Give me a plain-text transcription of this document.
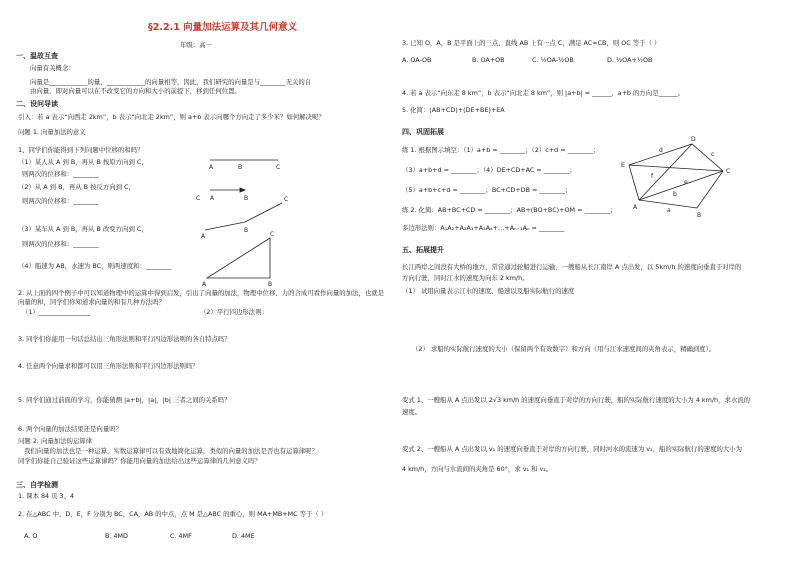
§2.2.1 向量加法运算及其几何意义
年级：高一
一、温故互查
向量有关概念：
向量是____________的量，____________的向量相等，因此，我们研究的向量是与________无关的自
由向量，即对向量可以在不改变它的方向和大小的前提下，移到任何位置。
二、设问导读
引入：若 a 表示“向西走 2km”，b 表示“向北走 2km”，则 a+b 表示向哪个方向走了多少米？如何解决呢？
问题 1. 向量加法的意义
1、同学们你能得到下列问题中位移的和吗？
（1）某人从 A 到 B，再从 B 按原方向到 C，
则两次的位移和：________
（2）从 A 到 B，再从 B 按反方向到 C，
则两次的位移和：________
（3）某车从 A 到 B，再从 B 改变方向到 C，
则两次的位移和：________
（4）船速为 AB，水速为 BC，则两速度和：________
A	B	C
C A	B	C
A
B
C
A	B
2. 从上面的四个例子中可以知道物理中的运算中得到启发，引出了向量的加法，物理中位移、力的合成可看作向量的加法，也就是
向量的和，同学们你知道求向量的和有几种方法吗？
（1）________________	（2）平行四边形法则：
3. 同学们你能用一句话总结出三角形法则和平行四边形法则的各自特点吗？
4. 任意两个向量求和都可以用三角形法则和平行四边形法则吗？
5. 同学们通过前面的学习，你能猜测 |a+b|，|a|，|b| 三者之间的关系吗？
6. 两个向量的加法结果还是向量吗？
问题 2. 向量加法的运算律
我们向量的加法也是一种运算，实数运算律可以有效地简化运算，类似的向量的加法是否也有运算律呢？
同学们你能自己验证这些运算律吗？你能用向量的加法给出这些运算律的几何意义吗？
三、自学检测
1. 课本 84 页 3、4
2. 在△ABC 中，D，E，F 分别为 BC，CA，AB 的中点，点 M 是△ABC 的重心，则 MA+MB+MC 等于（ ）
A. O	B. 4MD	C. 4MF	D. 4ME
3. 已知 O，A，B 是平面上的三点，直线 AB 上有一点 C，满足 AC=CB，则 OC 等于（ ）
A. OA-OB	B. OA+OB	C. ½OA-½OB	D. ½OA+½OB
4. 若 a 表示“向东走 8 km”，b 表示“向北走 8 km”，则 |a+b| = ______，a+b 的方向是______。
5. 化简：(AB+CD)+(DE+BE)+EA
四、巩固拓展
练 1. 根据图示填空：（1）a+b = ________；（2）c+d = ________；
（3）a+b+d = ________；（4）DE+CD+AC = ________；
（5）a+b+c+d = ________；BC+CD+DB = ________；
E
d
D
f
e
b
C
c
A	a
B
练 2. 化简：AB+BC+CD = ________；AB+(BO+BC)+OM = ________；
多边形法则：A₁A₂+A₂A₃+A₃A₄+…+Aₙ₋₁Aₙ = ________
五、拓展提升
长江两岸之间没有大桥的地方，常常通过轮船进行运输，一艘船从长江南岸 A 点出发，以 5km/h 的速度向垂直于对岸的
方向行驶，同时江水的速度为向东 2 km/h。
（1） 试用向量表示江水的速度、船速以及船实际航行的速度
（2） 求船的实际航行速度的大小（保留两个有效数字）和方向（用与江水速度间的夹角表示，精确到度）。
变式 1、一艘船从 A 点出发以 2√3 km/h 的速度向垂直于对岸的方向行驶，船的实际航行速度的大小为 4 km/h，求水流的
速度。
变式 2、一艘船从 A 点出发以 v₁ 的速度向垂直于对岸的方向行驶，同时河水的流速为 v₂，船的实际航行的速度的大小为
4 km/h，方向与水流间的夹角是 60°，求 v₁ 和 v₂。
